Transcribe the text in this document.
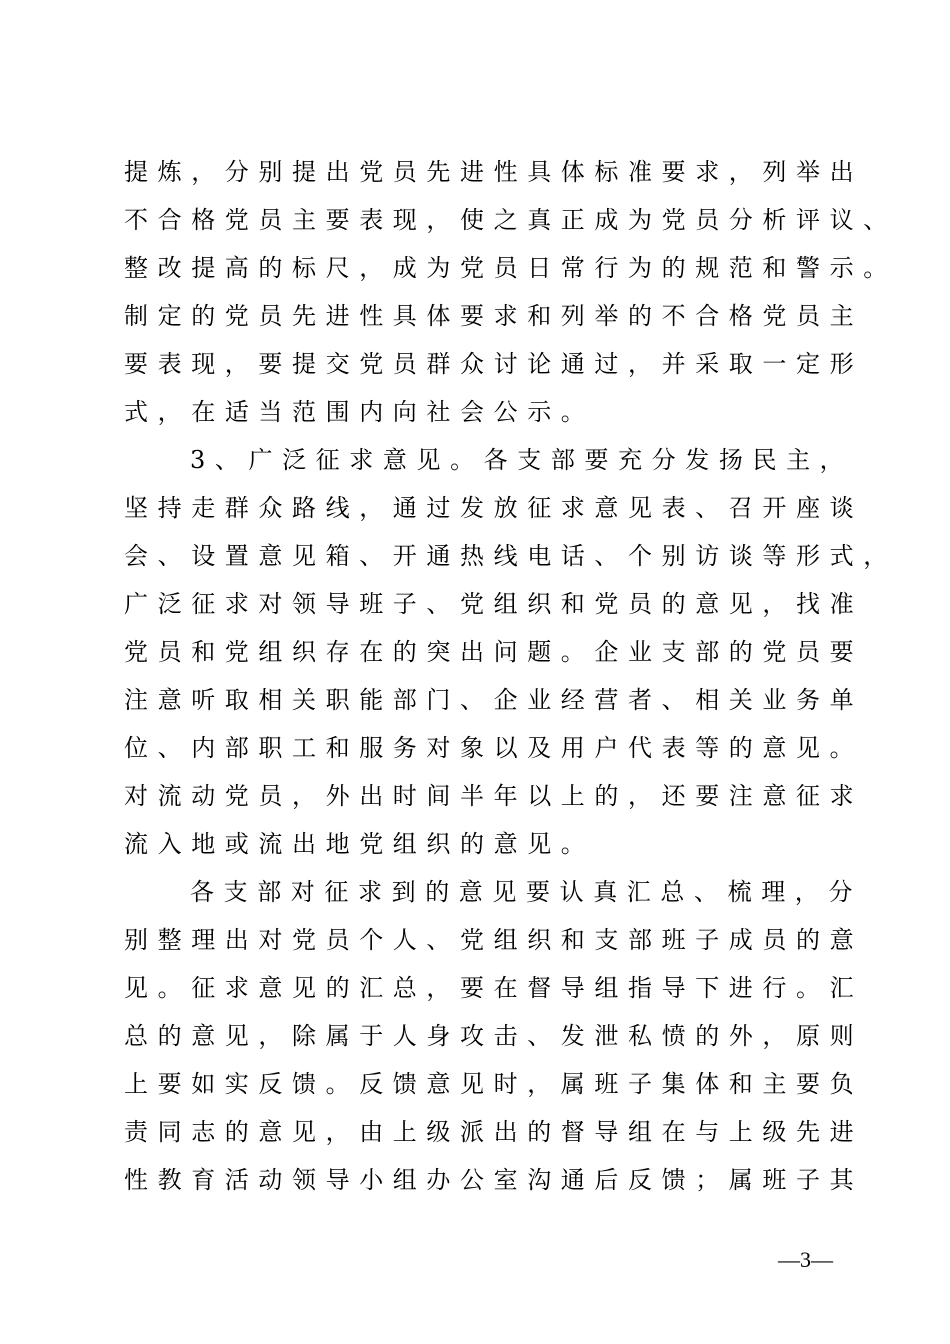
提炼，分别提出党员先进性具体标准要求，列举出
不合格党员主要表现，使之真正成为党员分析评议、
整改提高的标尺，成为党员日常行为的规范和警示。
制定的党员先进性具体要求和列举的不合格党员主
要表现，要提交党员群众讨论通过，并采取一定形
式，在适当范围内向社会公示。
3、广泛征求意见。各支部要充分发扬民主，
坚持走群众路线，通过发放征求意见表、召开座谈
会、设置意见箱、开通热线电话、个别访谈等形式，
广泛征求对领导班子、党组织和党员的意见，找准
党员和党组织存在的突出问题。企业支部的党员要
注意听取相关职能部门、企业经营者、相关业务单
位、内部职工和服务对象以及用户代表等的意见。
对流动党员，外出时间半年以上的，还要注意征求
流入地或流出地党组织的意见。
各支部对征求到的意见要认真汇总、梳理，分
别整理出对党员个人、党组织和支部班子成员的意
见。征求意见的汇总，要在督导组指导下进行。汇
总的意见，除属于人身攻击、发泄私愤的外，原则
上要如实反馈。反馈意见时，属班子集体和主要负
责同志的意见，由上级派出的督导组在与上级先进
性教育活动领导小组办公室沟通后反馈；属班子其
—3—
